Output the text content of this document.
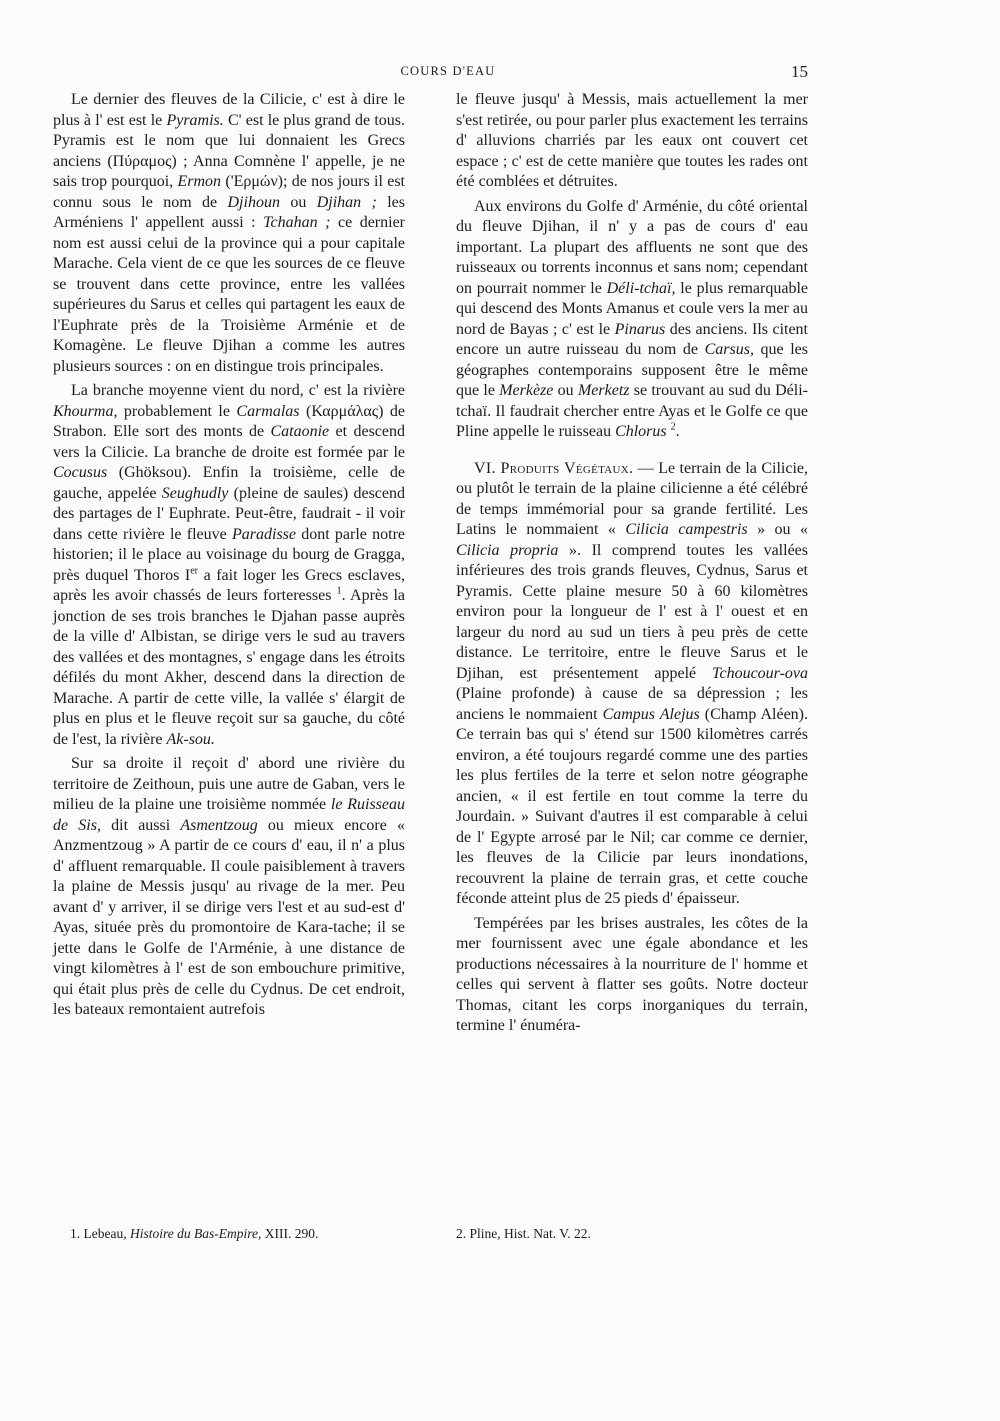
COURS D'EAU	15

Le dernier des fleuves de la Cilicie, c' est à dire le plus à l' est est le Pyramis. C' est le plus grand de tous. Pyramis est le nom que lui donnaient les Grecs anciens (Πύραμος) ; Anna Comnène l' appelle, je ne sais trop pourquoi, Ermon ('Ερμών); de nos jours il est connu sous le nom de Djihoun ou Djihan ; les Arméniens l' appellent aussi : Tchahan ; ce dernier nom est aussi celui de la province qui a pour capitale Marache. Cela vient de ce que les sources de ce fleuve se trouvent dans cette province, entre les vallées supérieures du Sarus et celles qui partagent les eaux de l'Euphrate près de la Troisième Arménie et de Komagène. Le fleuve Djihan a comme les autres plusieurs sources : on en distingue trois principales.

La branche moyenne vient du nord, c' est la rivière Khourma, probablement le Carmalas (Καρμάλας) de Strabon. Elle sort des monts de Cataonie et descend vers la Cilicie. La branche de droite est formée par le Cocusus (Ghöksou). Enfin la troisième, celle de gauche, appelée Seughudly (pleine de saules) descend des partages de l' Euphrate. Peut-être, faudrait - il voir dans cette rivière le fleuve Paradisse dont parle notre historien; il le place au voisinage du bourg de Gragga, près duquel Thoros Ier a fait loger les Grecs esclaves, après les avoir chassés de leurs forteresses $^1$. Après la jonction de ses trois branches le Djahan passe auprès de la ville d' Albistan, se dirige vers le sud au travers des vallées et des montagnes, s' engage dans les étroits défilés du mont Akher, descend dans la direction de Marache. A partir de cette ville, la vallée s' élargit de plus en plus et le fleuve reçoit sur sa gauche, du côté de l'est, la rivière Ak-sou.

Sur sa droite il reçoit d' abord une rivière du territoire de Zeithoun, puis une autre de Gaban, vers le milieu de la plaine une troisième nommée le Ruisseau de Sis, dit aussi Asmentzoug ou mieux encore « Anzmentzoug » A partir de ce cours d' eau, il n' a plus d' affluent remarquable. Il coule paisiblement à travers la plaine de Messis jusqu' au rivage de la mer. Peu avant d' y arriver, il se dirige vers l'est et au sud-est d' Ayas, située près du promontoire de Kara-tache; il se jette dans le Golfe de l'Arménie, à une distance de vingt kilomètres à l' est de son embouchure primitive, qui était plus près de celle du Cydnus. De cet endroit, les bateaux remontaient autrefois

le fleuve jusqu' à Messis, mais actuellement la mer s'est retirée, ou pour parler plus exactement les terrains d' alluvions charriés par les eaux ont couvert cet espace ; c' est de cette manière que toutes les rades ont été comblées et détruites.

Aux environs du Golfe d' Arménie, du côté oriental du fleuve Djihan, il n' y a pas de cours d' eau important. La plupart des affluents ne sont que des ruisseaux ou torrents inconnus et sans nom; cependant on pourrait nommer le Déli-tchaï, le plus remarquable qui descend des Monts Amanus et coule vers la mer au nord de Bayas ; c' est le Pinarus des anciens. Ils citent encore un autre ruisseau du nom de Carsus, que les géographes contemporains supposent être le même que le Merkèze ou Merketz se trouvant au sud du Déli-tchaï. Il faudrait chercher entre Ayas et le Golfe ce que Pline appelle le ruisseau Chlorus $^2$.

VI. Produits Végétaux. — Le terrain de la Cilicie, ou plutôt le terrain de la plaine cilicienne a été célébré de temps immémorial pour sa grande fertilité. Les Latins le nommaient « Cilicia campestris » ou « Cilicia propria ». Il comprend toutes les vallées inférieures des trois grands fleuves, Cydnus, Sarus et Pyramis. Cette plaine mesure 50 à 60 kilomètres environ pour la longueur de l' est à l' ouest et en largeur du nord au sud un tiers à peu près de cette distance. Le territoire, entre le fleuve Sarus et le Djihan, est présentement appelé Tchoucour-ova (Plaine profonde) à cause de sa dépression ; les anciens le nommaient Campus Alejus (Champ Aléen). Ce terrain bas qui s' étend sur 1500 kilomètres carrés environ, a été toujours regardé comme une des parties les plus fertiles de la terre et selon notre géographe ancien, « il est fertile en tout comme la terre du Jourdain. » Suivant d'autres il est comparable à celui de l' Egypte arrosé par le Nil; car comme ce dernier, les fleuves de la Cilicie par leurs inondations, recouvrent la plaine de terrain gras, et cette couche féconde atteint plus de 25 pieds d' épaisseur.

Tempérées par les brises australes, les côtes de la mer fournissent avec une égale abondance et les productions nécessaires à la nourriture de l' homme et celles qui servent à flatter ses goûts. Notre docteur Thomas, citant les corps inorganiques du terrain, termine l' énuméra-

1. Lebeau, Histoire du Bas-Empire, XIII. 290.	2. Pline, Hist. Nat. V. 22.
